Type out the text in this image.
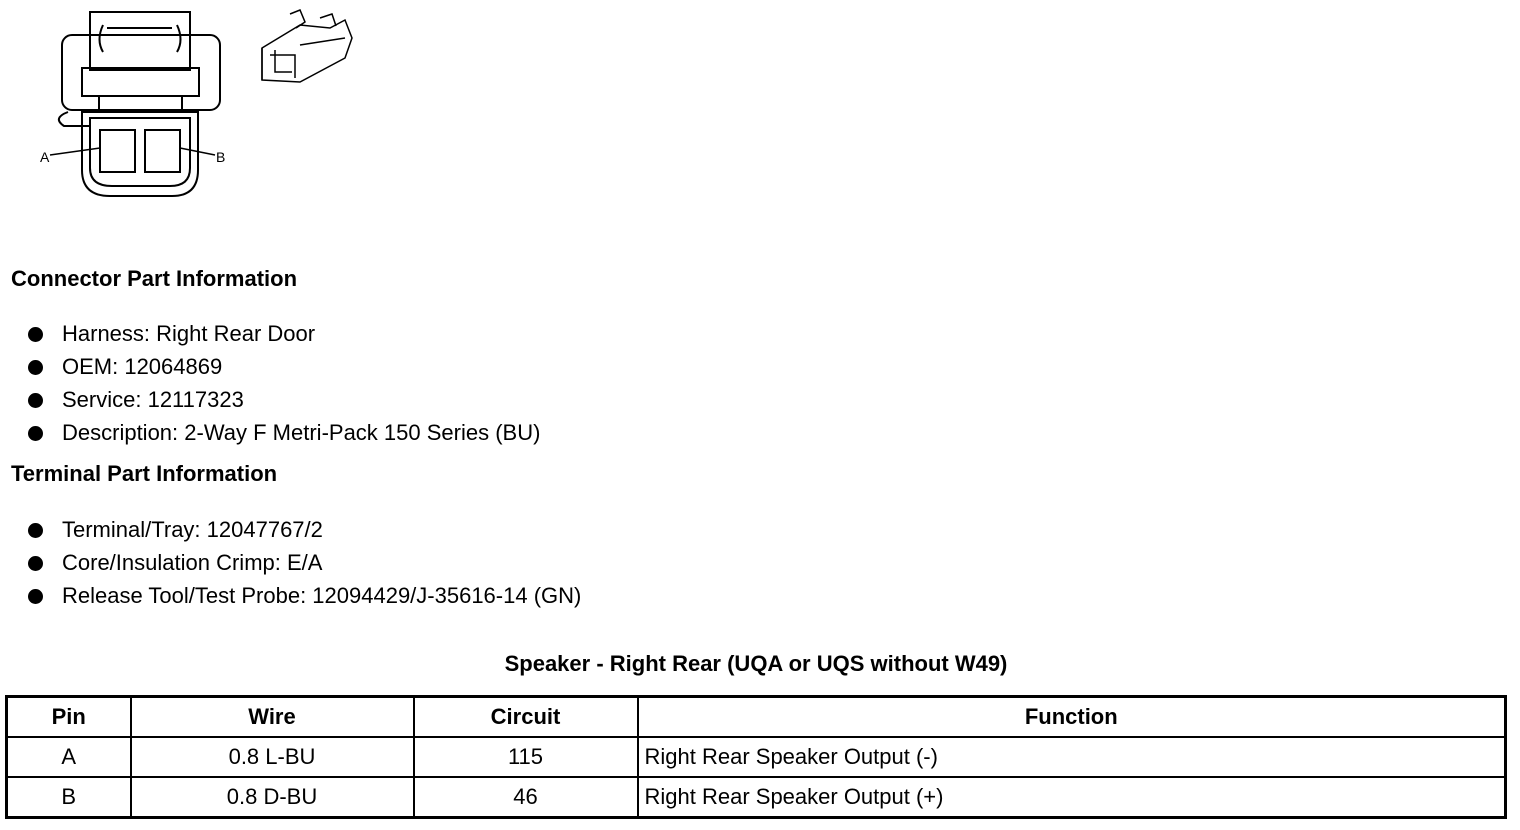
A	B
Connector Part Information
Harness: Right Rear Door
OEM: 12064869
Service: 12117323
Description: 2-Way F Metri-Pack 150 Series (BU)
Terminal Part Information
Terminal/Tray: 12047767/2
Core/Insulation Crimp: E/A
Release Tool/Test Probe: 12094429/J-35616-14 (GN)
Speaker - Right Rear (UQA or UQS without W49)
Pin	Wire	Circuit	Function
A	0.8 L-BU	115	Right Rear Speaker Output (-)
B	0.8 D-BU	46	Right Rear Speaker Output (+)
